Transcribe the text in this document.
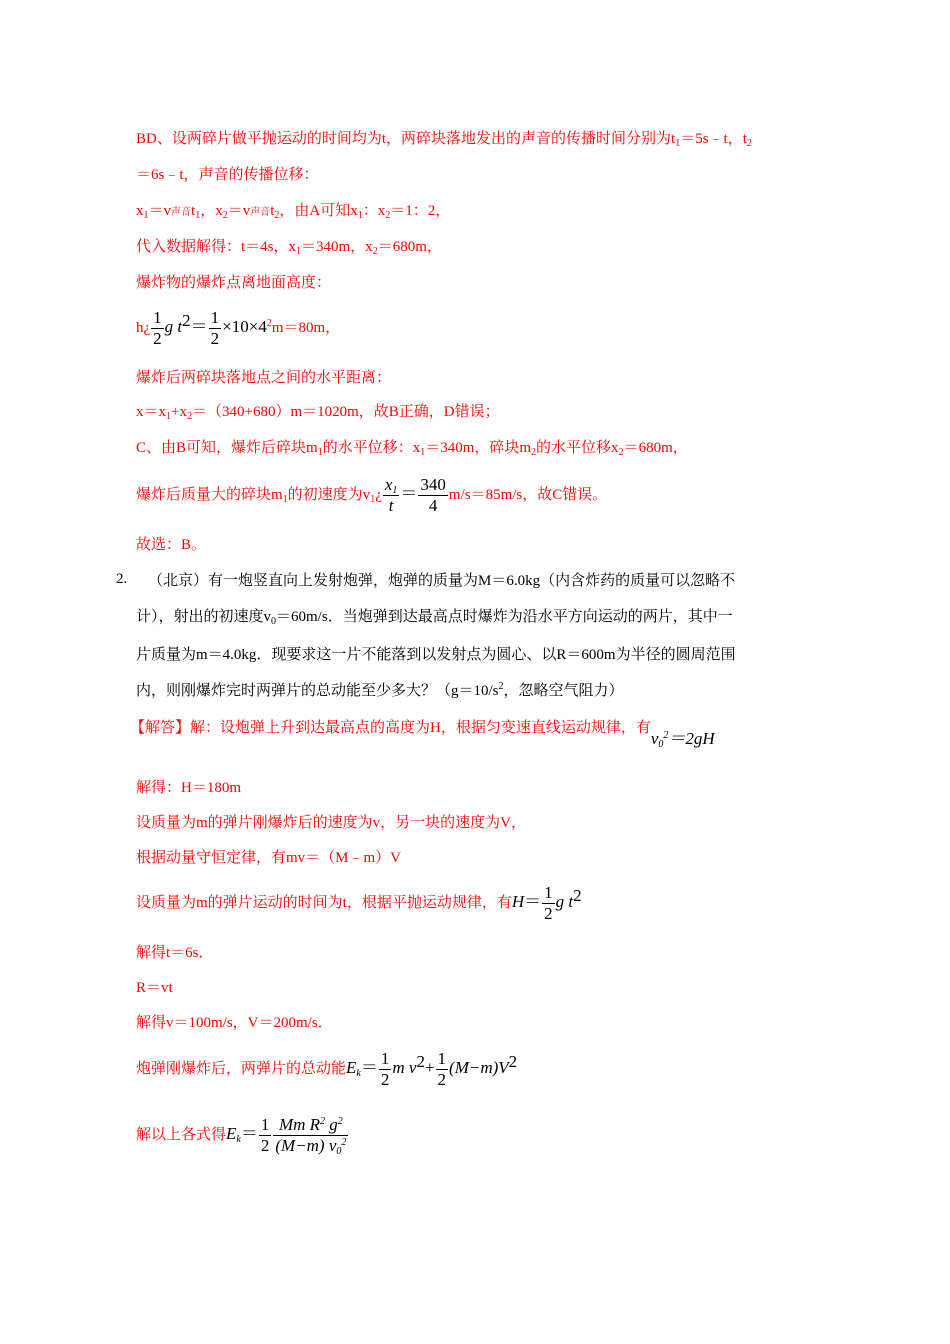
BD、设两碎片做平抛运动的时间均为t，两碎块落地发出的声音的传播时间分别为$t_1=5s﹣t$，$t_2$
＝6s﹣t，声音的传播位移：
$x_1=v$声音$t_1$，$x_2=v$声音$t_2$，由A可知$x_1$：$x_2=1$：2，
代入数据解得：t＝4s，$x_1=340m$，$x_2=680m$，
爆炸物的爆炸点离地面高度：
h¿ $\frac{1}{2}$ g $t^2= \frac{1}{2} \times 10\times 4^2m=80m$，
爆炸后两碎块落地点之间的水平距离：
$x=x_1+x_2=(340+680)m=1020m$，故B正确，D错误；
C、由B可知，爆炸后碎块$m_1$的水平位移：$x_1=340m$，碎块$m_2$的水平位移$x_2=680m$，
爆炸后质量大的碎块$m_1$的初速度为$v_1¿ \frac{x_1}{t} = \frac{340}{4} m/s=85m/s$，故C错误。
故选：B。
2. （北京）有一炮竖直向上发射炮弹，炮弹的质量为M＝6.0kg（内含炸药的质量可以忽略不
计），射出的初速度$v_0=60m/s$．当炮弹到达最高点时爆炸为沿水平方向运动的两片，其中一
片质量为m＝4.0kg．现要求这一片不能落到以发射点为圆心、以R＝600m为半径的圆周范围
内，则刚爆炸完时两弹片的总动能至少多大？（$g=10/s^2$，忽略空气阻力）
【解答】解：设炮弹上升到达最高点的高度为H，根据匀变速直线运动规律，有$v_0^2=2gH$
解得：H＝180m
设质量为m的弹片刚爆炸后的速度为v，另一块的速度为V，
根据动量守恒定律，有mv＝（M﹣m）V
设质量为m的弹片运动的时间为t，根据平抛运动规律，有$H= \frac{1}{2}$ g $t^2$
解得t＝6s．
R＝vt
解得v＝100m/s，V＝200m/s．
炮弹刚爆炸后，两弹片的总动能$E_k= \frac{1}{2}$ m $v^2+ \frac{1}{2} (M-m)V^2$
解以上各式得$E_k= \frac{1}{2} \frac{Mm R^2 g^2}{(M-m) v_0^2}$
